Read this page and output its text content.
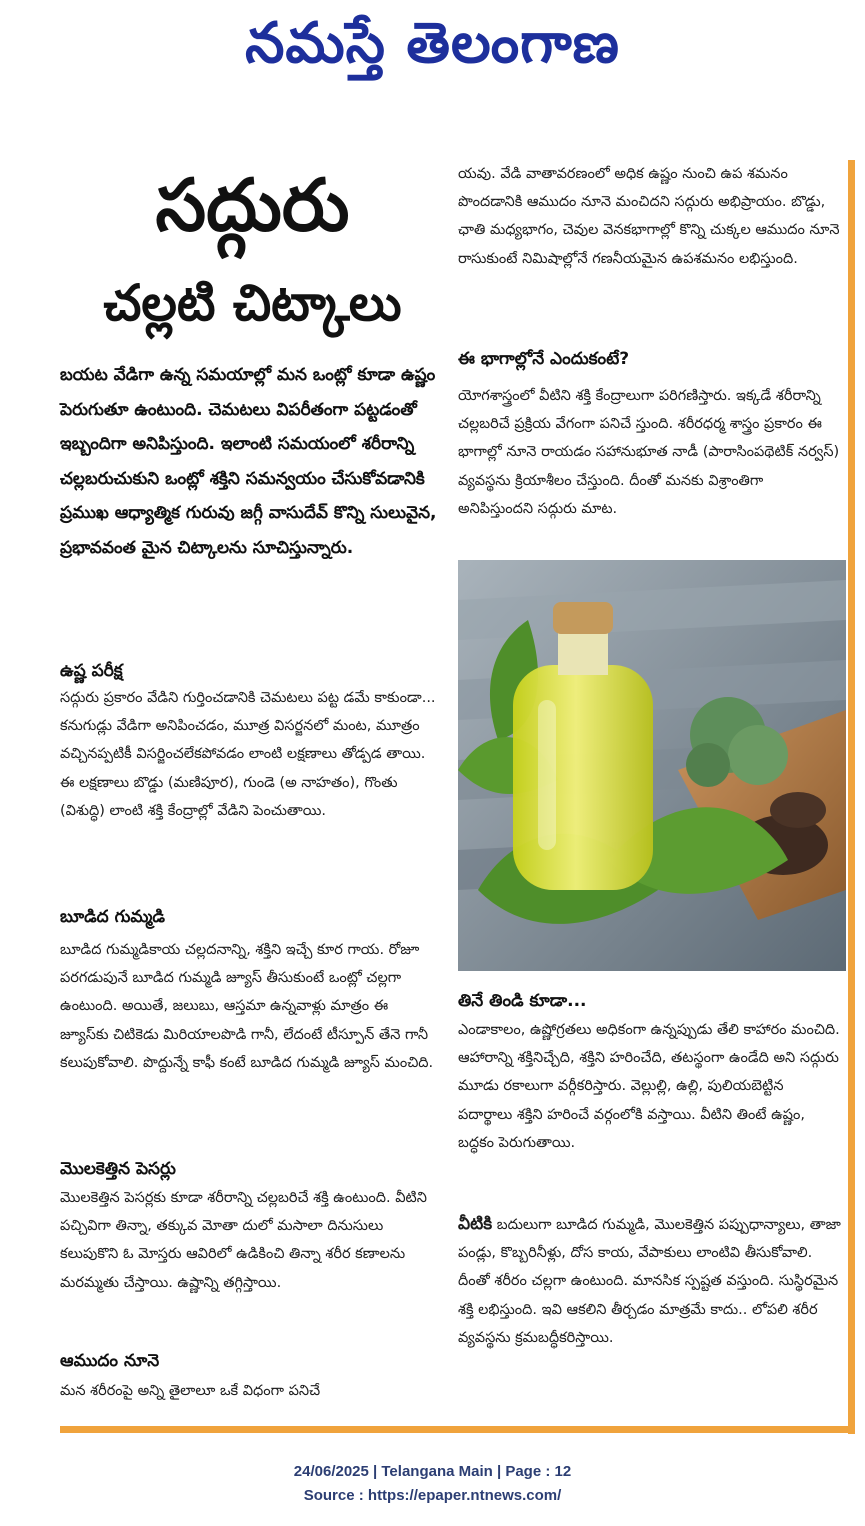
నమస్తే తెలంగాణ
సద్గురు
చల్లటి చిట్కాలు
బయట వేడిగా ఉన్న సమయాల్లో మన ఒంట్లో కూడా ఉష్ణం పెరుగుతూ ఉంటుంది. చెమటలు విపరీతంగా పట్టడంతో ఇబ్బందిగా అనిపిస్తుంది. ఇలాంటి సమయంలో శరీరాన్ని చల్లబరుచుకుని ఒంట్లో శక్తిని సమన్వయం చేసుకోవడానికి ప్రముఖ ఆధ్యాత్మిక గురువు జగ్గీ వాసుదేవ్ కొన్ని సులువైన, ప్రభావవంత మైన చిట్కాలను సూచిస్తున్నారు.
ఉష్ణ పరీక్ష
సద్గురు ప్రకారం వేడిని గుర్తించడానికి చెమటలు పట్ట డమే కాకుండా... కనుగుడ్లు వేడిగా అనిపించడం, మూత్ర విసర్జనలో మంట, మూత్రం వచ్చినప్పటికీ విసర్జించలేకపోవడం లాంటి లక్షణాలు తోడ్పడ తాయి. ఈ లక్షణాలు బొడ్డు (మణిపూర), గుండె (అ నాహతం), గొంతు (విశుద్ధి) లాంటి శక్తి కేంద్రాల్లో వేడిని పెంచుతాయి.
బూడిద గుమ్మడి
బూడిద గుమ్మడికాయ చల్లదనాన్ని, శక్తిని ఇచ్చే కూర గాయ. రోజూ పరగడుపునే బూడిద గుమ్మడి జ్యూస్ తీసుకుంటే ఒంట్లో చల్లగా ఉంటుంది. అయితే, జలుబు, ఆస్తమా ఉన్నవాళ్లు మాత్రం ఈ జ్యూస్‌కు చిటికెడు మిరియాలపొడి గానీ, లేదంటే టీస్పూన్ తేనె గానీ కలుపుకోవాలి. పొద్దున్నే కాఫీ కంటే బూడిద గుమ్మడి జ్యూస్ మంచిది.
మొలకెత్తిన పెసర్లు
మొలకెత్తిన పెసర్లకు కూడా శరీరాన్ని చల్లబరిచే శక్తి ఉంటుంది. వీటిని పచ్చివిగా తిన్నా, తక్కువ మోతా దులో మసాలా దినుసులు కలుపుకొని ఓ మోస్తరు ఆవిరిలో ఉడికించి తిన్నా శరీర కణాలను మరమ్మతు చేస్తాయి. ఉష్ణాన్ని తగ్గిస్తాయి.
ఆముదం నూనె
మన శరీరంపై అన్ని తైలాలూ ఒకే విధంగా పనిచే
యవు. వేడి వాతావరణంలో అధిక ఉష్ణం నుంచి ఉప శమనం పొందడానికి ఆముదం నూనె మంచిదని సద్గురు అభిప్రాయం. బొడ్డు, ఛాతి మధ్యభాగం, చెవుల వెనకభాగాల్లో కొన్ని చుక్కల ఆముదం నూనె రాసుకుంటే నిమిషాల్లోనే గణనీయమైన ఉపశమనం లభిస్తుంది.
ఈ భాగాల్లోనే ఎందుకంటే?
యోగశాస్త్రంలో వీటిని శక్తి కేంద్రాలుగా పరిగణిస్తారు. ఇక్కడే శరీరాన్ని చల్లబరిచే ప్రక్రియ వేగంగా పనిచే స్తుంది. శరీరధర్మ శాస్త్రం ప్రకారం ఈ భాగాల్లో నూనె రాయడం సహానుభూత నాడీ (పారాసింపథెటిక్ నర్వస్) వ్యవస్థను క్రియాశీలం చేస్తుంది. దీంతో మనకు విశ్రాంతిగా అనిపిస్తుందని సద్గురు మాట.
తినే తిండి కూడా...
ఎండాకాలం, ఉష్ణోగ్రతలు అధికంగా ఉన్నప్పుడు తేలి కాహారం మంచిది. ఆహారాన్ని శక్తినిచ్చేది, శక్తిని హరించేది, తటస్థంగా ఉండేది అని సద్గురు మూడు రకాలుగా వర్గీకరిస్తారు. వెల్లుల్లి, ఉల్లి, పులియబెట్టిన పదార్థాలు శక్తిని హరించే వర్గంలోకి వస్తాయి. వీటిని తింటే ఉష్ణం, బద్ధకం పెరుగుతాయి.
వీటికి బదులుగా బూడిద గుమ్మడి, మొలకెత్తిన పప్పుధాన్యాలు, తాజా పండ్లు, కొబ్బరినీళ్లు, దోస కాయ, వేపాకులు లాంటివి తీసుకోవాలి. దీంతో శరీరం చల్లగా ఉంటుంది. మానసిక స్పష్టత వస్తుంది. సుస్థిరమైన శక్తి లభిస్తుంది. ఇవి ఆకలిని తీర్చడం మాత్రమే కాదు.. లోపలి శరీర వ్యవస్థను క్రమబద్ధీకరిస్తాయి.
24/06/2025 | Telangana Main | Page : 12
Source : https://epaper.ntnews.com/
